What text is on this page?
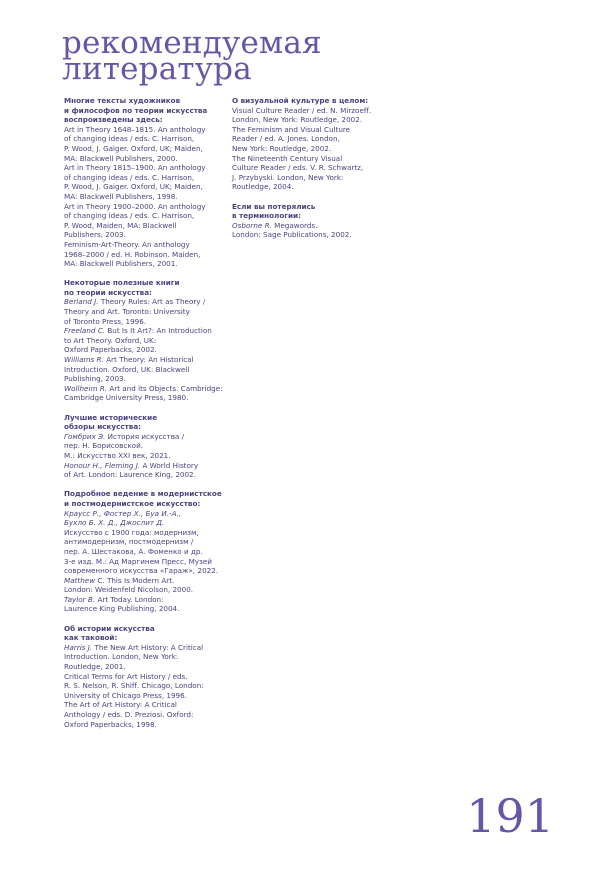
рекомендуемая
литература
Многие тексты художников
и философов по теории искусства
воспроизведены здесь:
Art in Theory 1648–1815. An anthology
of changing ideas / eds. C. Harrison,
P. Wood, J. Gaiger. Oxford, UK; Maiden,
MA: Blackwell Publishers, 2000.
Art in Theory 1815–1900. An anthology
of changing ideas / eds. C. Harrison,
P. Wood, J. Gaiger. Oxford, UK; Maiden,
MA: Blackwell Publishers, 1998.
Art in Theory 1900–2000. An anthology
of changing ideas / eds. C. Harrison,
P. Wood, Maiden, MA: Blackwell
Publishers, 2003.
Feminism-Art-Theory. An anthology
1968–2000 / ed. H. Robinson. Maiden,
MA: Blackwell Publishers, 2001.
Некоторые полезные книги
по теории искусства:
Berland J. Theory Rules: Art as Theory /
Theory and Art. Toronto: University
of Toronto Press, 1996.
Freeland C. But Is It Art?: An Introduction
to Art Theory. Oxford, UK:
Oxford Paperbacks, 2002.
Williams R. Art Theory: An Historical
Introduction. Oxford, UK: Blackwell
Publishing, 2003.
Wollheim R. Art and its Objects. Cambridge:
Cambridge University Press, 1980.
Лучшие исторические
обзоры искусства:
Гомбрих Э. История искусства /
пер. Н. Борисовской.
М.: Искусство XXI век, 2021.
Honour H., Fleming J. A World History
of Art. London: Laurence King, 2002.
Подробное ведение в модернистское
и постмодернистское искусство:
Краусс Р., Фостер Х., Буа И.-А.,
Бухло Б. Х. Д., Джослит Д.
Искусство с 1900 года: модернизм,
антимодернизм, постмодернизм /
пер. А. Шестакова, А. Фоменко и др.
3-е изд. М.: Ад Маргинем Пресс, Музей
современного искусства «Гараж», 2022.
Matthew C. This Is Modern Art.
London: Weidenfeld Nicolson, 2000.
Taylor B. Art Today. London:
Laurence King Publishing, 2004.
Об истории искусства
как таковой:
Harris J. The New Art History: A Critical
Introduction. London, New York:
Routledge, 2001.
Critical Terms for Art History / eds.
R. S. Nelson, R. Shiff. Chicago, London:
University of Chicago Press, 1996.
The Art of Art History: A Critical
Anthology / eds. D. Preziosi. Oxford:
Oxford Paperbacks, 1998.
О визуальной культуре в целом:
Visual Culture Reader / ed. N. Mirzoeff.
London, New York: Routledge, 2002.
The Feminism and Visual Culture
Reader / ed. A. Jones. London,
New York: Routledge, 2002.
The Nineteenth Century Visual
Culture Reader / eds. V. R. Schwartz,
J. Przybyski. London, New York:
Routledge, 2004.
Если вы потерялись
в терминологии:
Osborne R. Megawords.
London: Sage Publications, 2002.
191
